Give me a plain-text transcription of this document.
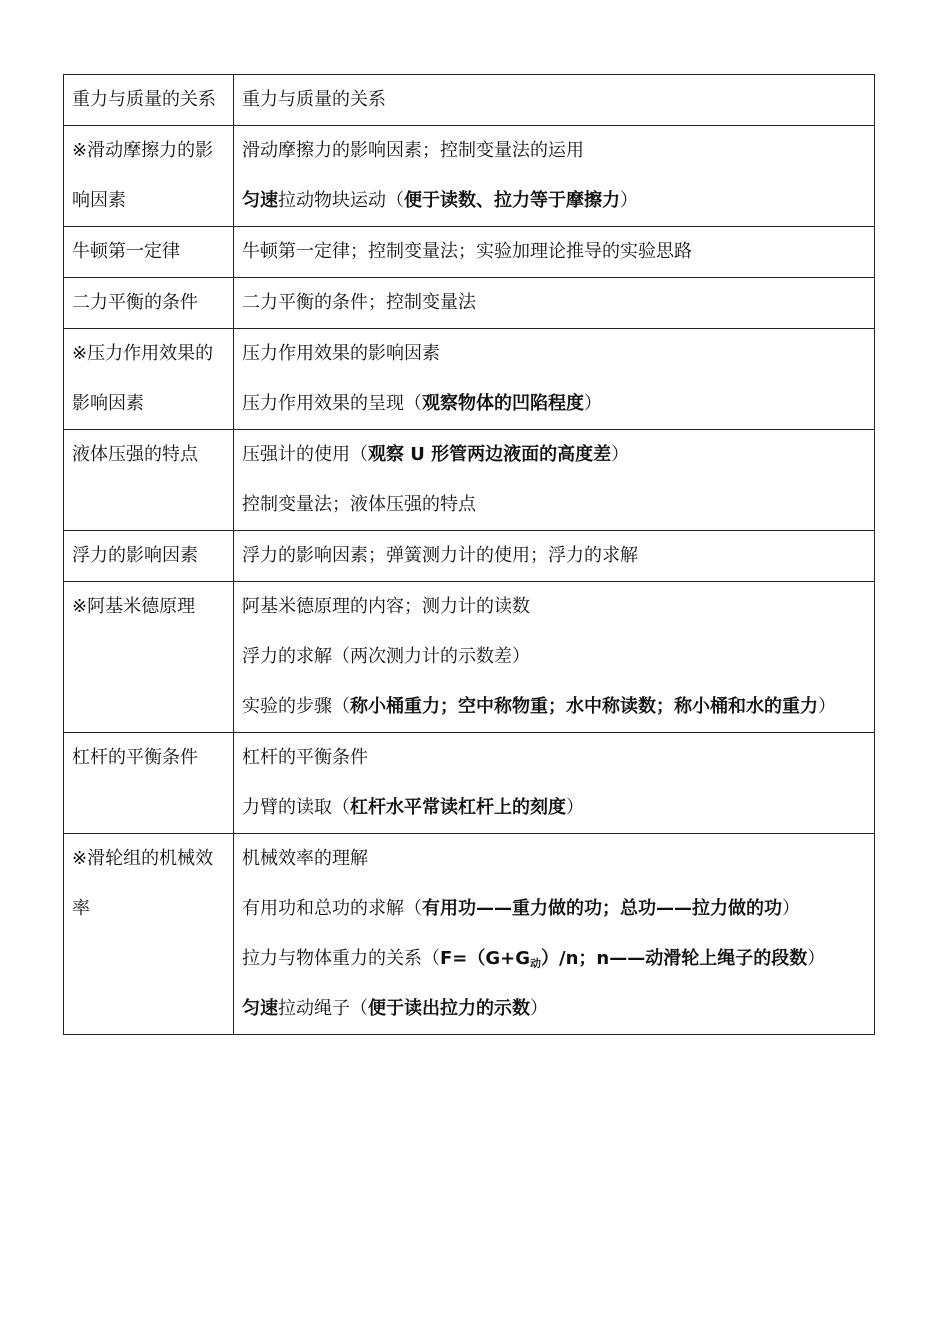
重力与质量的关系	重力与质量的关系

※滑动摩擦力的影响因素	滑动摩擦力的影响因素；控制变量法的运用
匀速拉动物块运动（便于读数、拉力等于摩擦力）

牛顿第一定律	牛顿第一定律；控制变量法；实验加理论推导的实验思路

二力平衡的条件	二力平衡的条件；控制变量法

※压力作用效果的影响因素	压力作用效果的影响因素
压力作用效果的呈现（观察物体的凹陷程度）

液体压强的特点	压强计的使用（观察 U 形管两边液面的高度差）
控制变量法；液体压强的特点

浮力的影响因素	浮力的影响因素；弹簧测力计的使用；浮力的求解

※阿基米德原理	阿基米德原理的内容；测力计的读数
浮力的求解（两次测力计的示数差）
实验的步骤（称小桶重力；空中称物重；水中称读数；称小桶和水的重力）

杠杆的平衡条件	杠杆的平衡条件
力臂的读取（杠杆水平常读杠杆上的刻度）

※滑轮组的机械效率	机械效率的理解
有用功和总功的求解（有用功——重力做的功；总功——拉力做的功）
拉力与物体重力的关系（$F=(G+G_动)/n$；n——动滑轮上绳子的段数）
匀速拉动绳子（便于读出拉力的示数）
